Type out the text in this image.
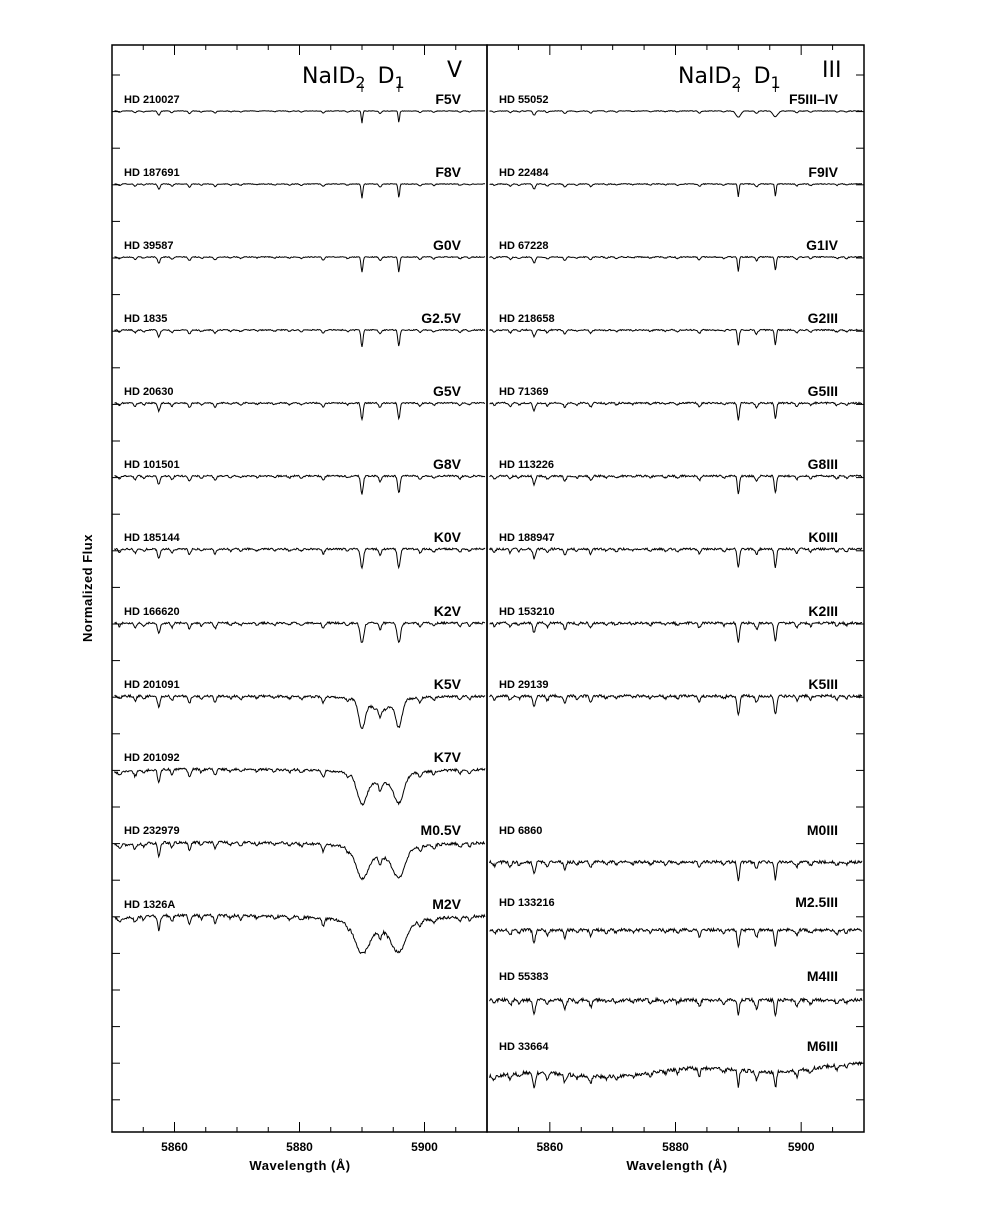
5860	5880	5900	5860	5880	5900
HD 210027	F5V
HD 187691	F8V
HD 39587	G0V
HD 1835	G2.5V
HD 20630	G5V
HD 101501	G8V
HD 185144	K0V
HD 166620	K2V
HD 201091	K5V
HD 201092	K7V
HD 232979	M0.5V
HD 1326A	M2V
HD 55052	F5III–IV
HD 22484	F9IV
HD 67228	G1IV
HD 218658	G2III
HD 71369	G5III
HD 113226	G8III
HD 188947	K0III
HD 153210	K2III
HD 29139	K5III
HD 6860	M0III
HD 133216	M2.5III
HD 55383	M4III
HD 33664	M6III
NaID$_2$ $D_1$ V	NaID$_2$ $D_1$ III
Wavelength (Å)	Wavelength (Å)
Normalized Flux
